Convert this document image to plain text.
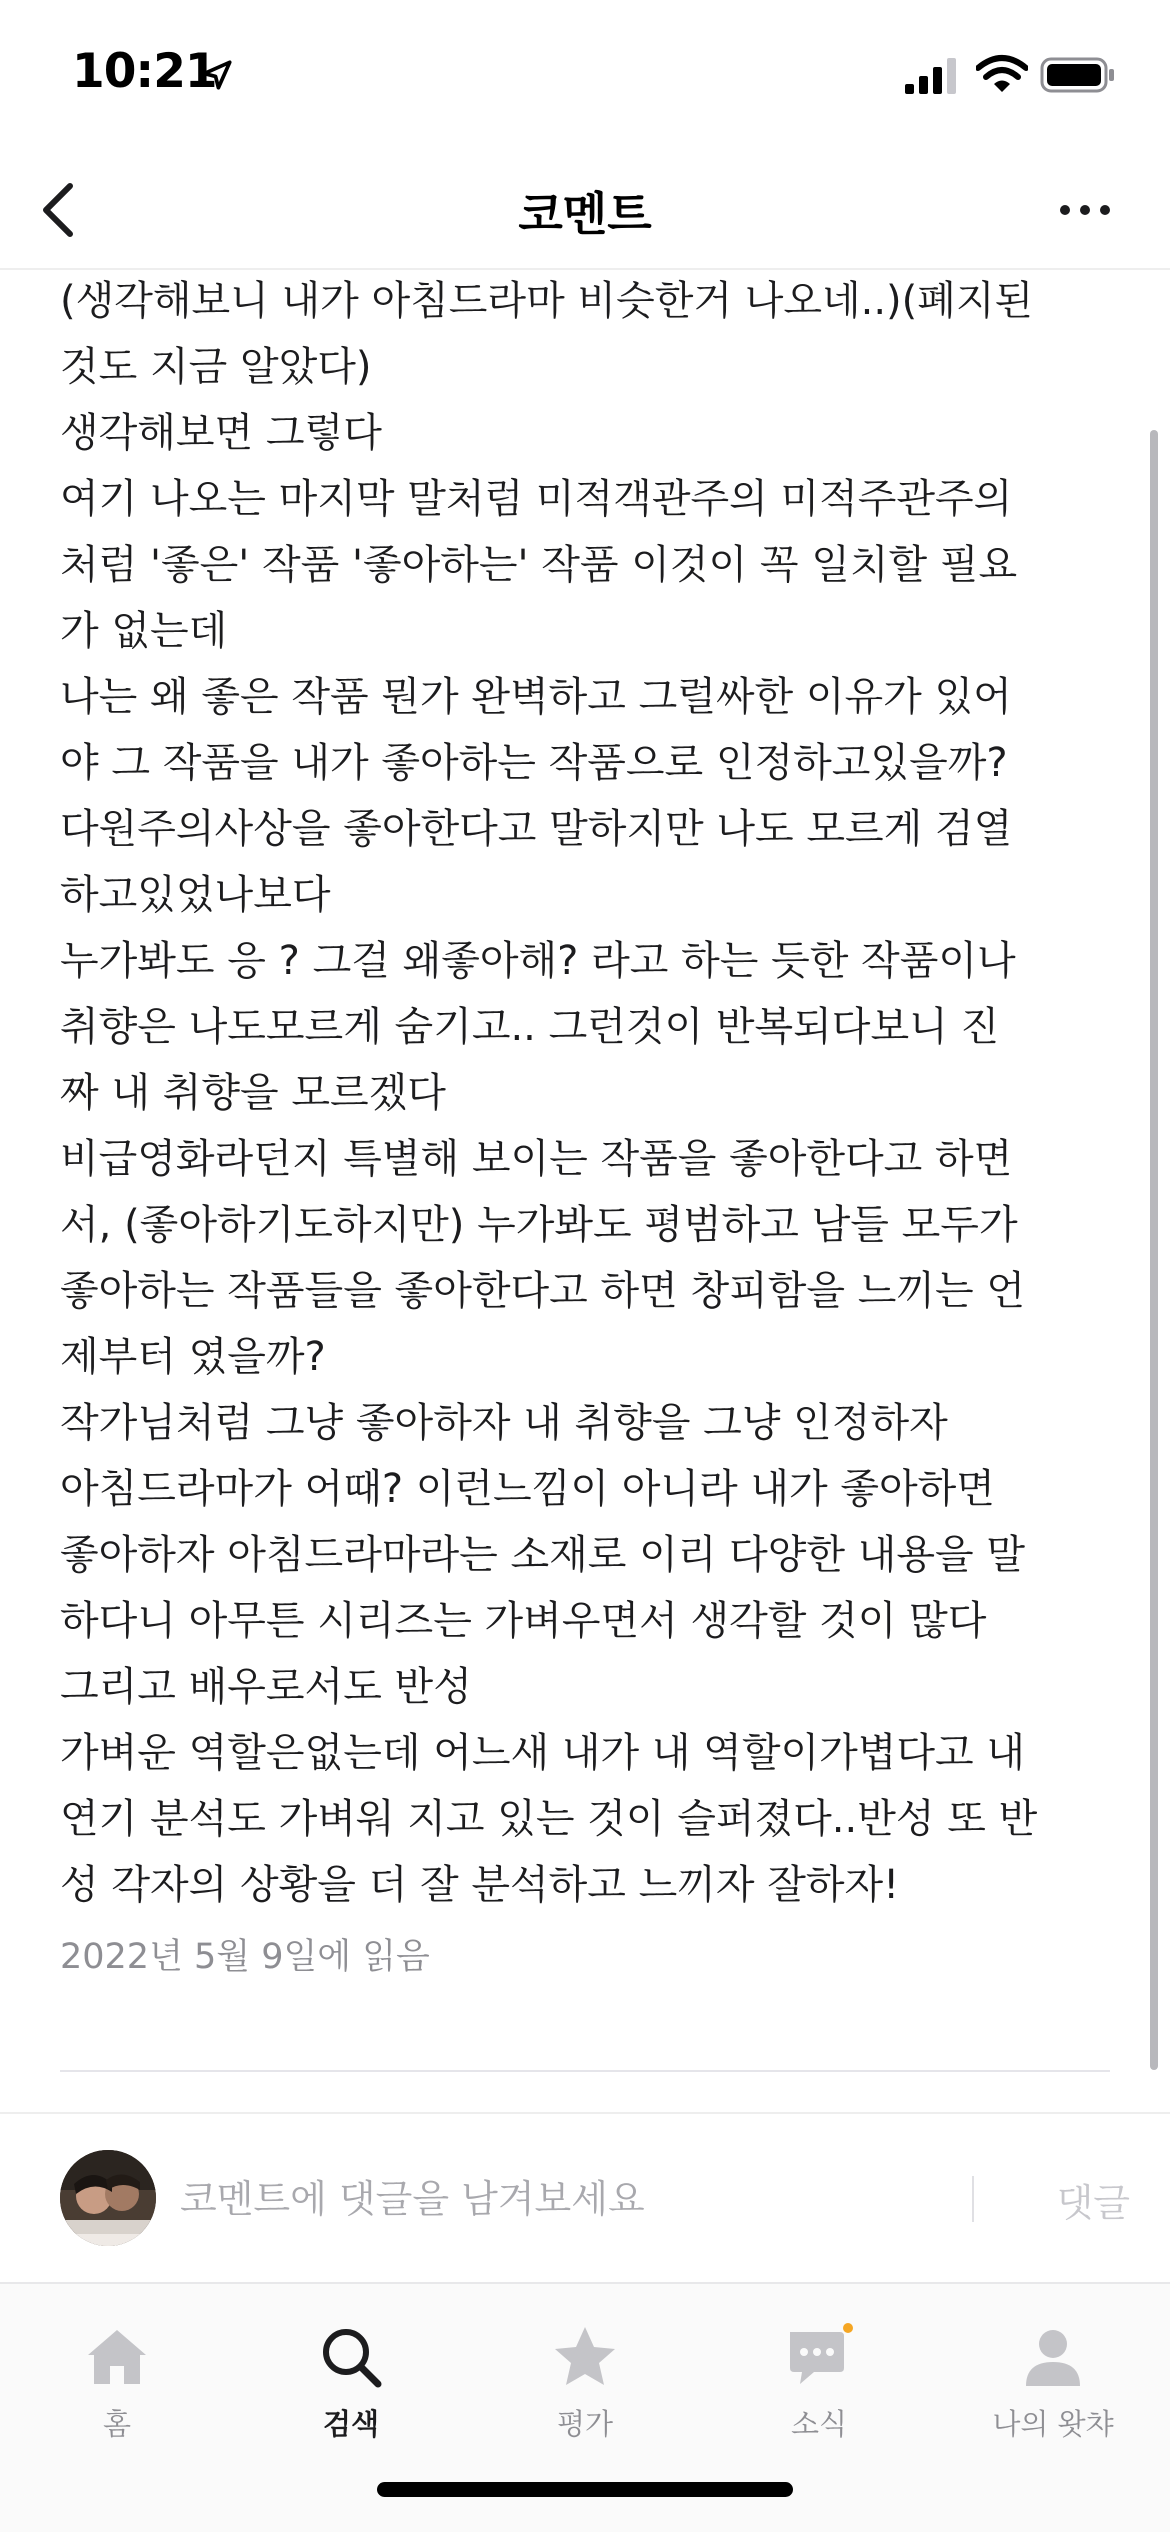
10:21
코멘트
(생각해보니 내가 아침드라마 비슷한거 나오네..)(폐지된
것도 지금 알았다)
생각해보면 그렇다
여기 나오는 마지막 말처럼 미적객관주의 미적주관주의
처럼 '좋은' 작품 '좋아하는' 작품 이것이 꼭 일치할 필요
가 없는데
나는 왜 좋은 작품 뭔가 완벽하고 그럴싸한 이유가 있어
야 그 작품을 내가 좋아하는 작품으로 인정하고있을까?
다원주의사상을 좋아한다고 말하지만 나도 모르게 검열
하고있었나보다
누가봐도 응 ? 그걸 왜좋아해? 라고 하는 듯한 작품이나
취향은 나도모르게 숨기고.. 그런것이 반복되다보니 진
짜 내 취향을 모르겠다
비급영화라던지 특별해 보이는 작품을 좋아한다고 하면
서, (좋아하기도하지만) 누가봐도 평범하고 남들 모두가
좋아하는 작품들을 좋아한다고 하면 창피함을 느끼는 언
제부터 였을까?
작가님처럼 그냥 좋아하자 내 취향을 그냥 인정하자
아침드라마가 어때? 이런느낌이 아니라 내가 좋아하면
좋아하자 아침드라마라는 소재로 이리 다양한 내용을 말
하다니 아무튼 시리즈는 가벼우면서 생각할 것이 많다
그리고 배우로서도 반성
가벼운 역할은없는데 어느새 내가 내 역할이가볍다고 내
연기 분석도 가벼워 지고 있는 것이 슬퍼졌다..반성 또 반
성 각자의 상황을 더 잘 분석하고 느끼자 잘하자!
2022년 5월 9일에 읽음
코멘트에 댓글을 남겨보세요
댓글
홈	검색	평가	소식	나의 왓챠
